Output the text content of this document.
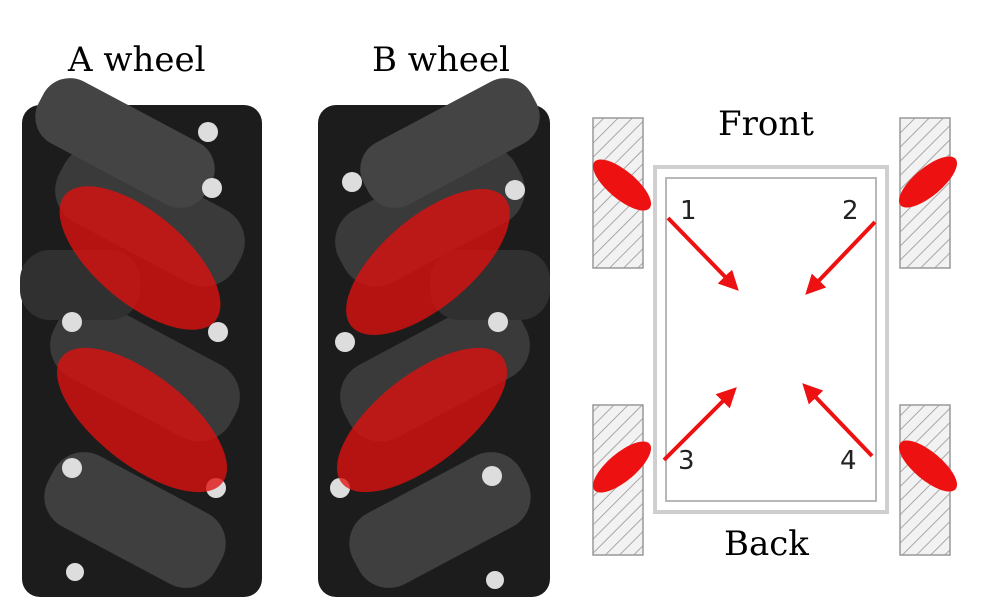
A wheel	B wheel
Front
Back
1	2
3	4
